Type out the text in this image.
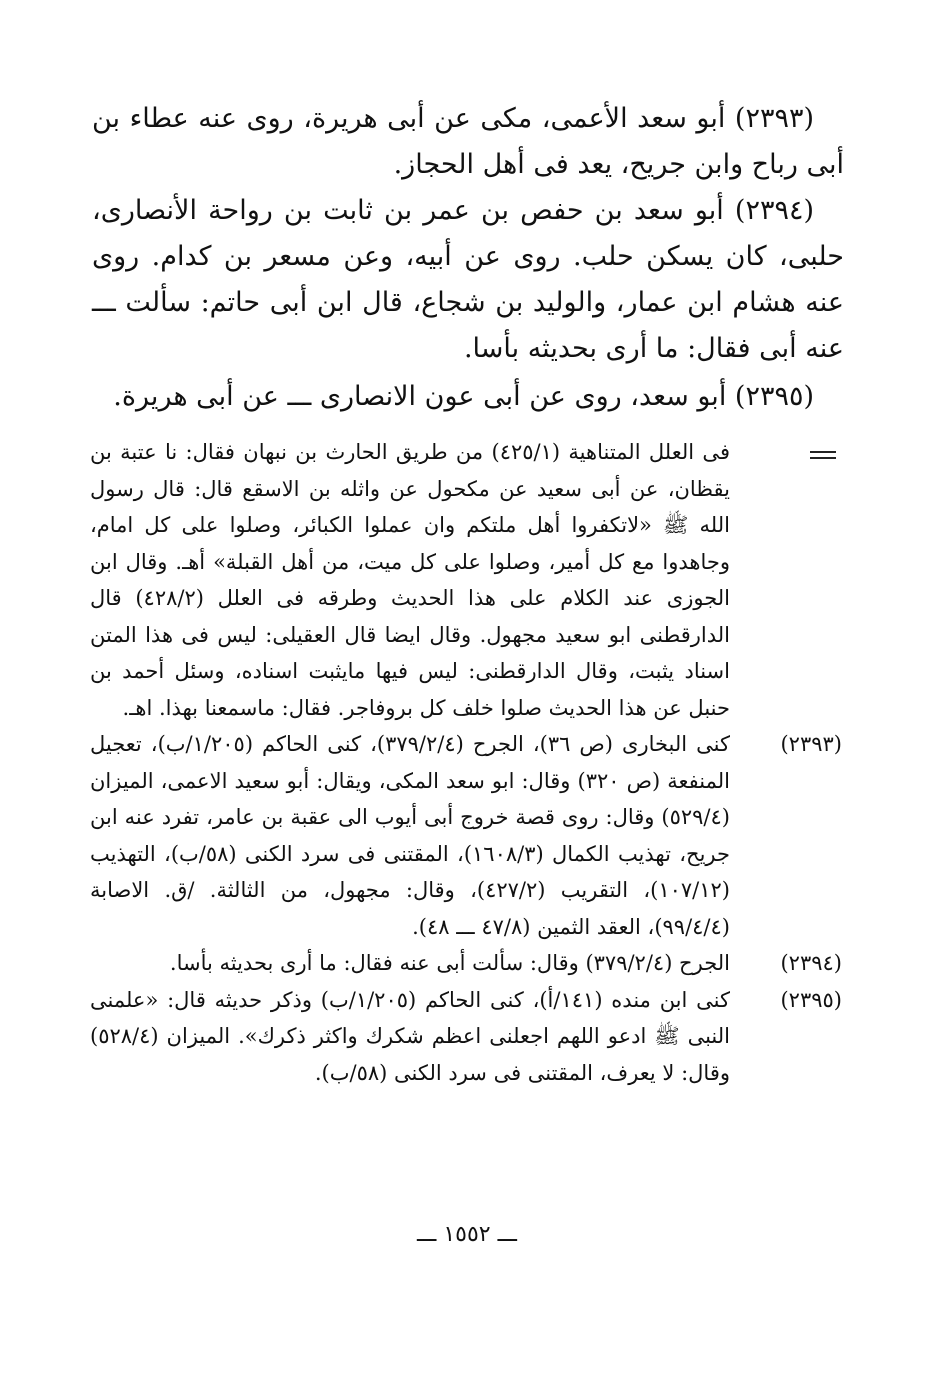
(٢٣٩٣) أبو سعد الأعمى، مكى عن أبى هريرة، روى عنه عطاء بن أبى رباح وابن جريح، يعد فى أهل الحجاز.

(٢٣٩٤) أبو سعد بن حفص بن عمر بن ثابت بن رواحة الأنصارى، حلبى، كان يسكن حلب. روى عن أبيه، وعن مسعر بن كدام. روى عنه هشام ابن عمار، والوليد بن شجاع، قال ابن أبى حاتم: سألت ـــ عنه أبى فقال: ما أرى بحديثه بأسا.

(٢٣٩٥) أبو سعد، روى عن أبى عون الانصارى ـــ عن أبى هريرة.

فى العلل المتناهية (٤٢٥/١) من طريق الحارث بن نبهان فقال: نا عتبة بن يقظان، عن أبى سعيد عن مكحول عن واثله بن الاسقع قال: قال رسول الله ﷺ «لاتكفروا أهل ملتكم وان عملوا الكبائر، وصلوا على كل امام، وجاهدوا مع كل أمير، وصلوا على كل ميت، من أهل القبلة» أهـ. وقال ابن الجوزى عند الكلام على هذا الحديث وطرقه فى العلل (٤٢٨/٢) قال الدارقطنى ابو سعيد مجهول. وقال ايضا قال العقيلى: ليس فى هذا المتن اسناد يثبت، وقال الدارقطنى: ليس فيها مايثبت اسناده، وسئل أحمد بن حنبل عن هذا الحديث صلوا خلف كل بروفاجر. فقال: ماسمعنا بهذا. اهـ.
(٢٣٩٣)
كنى البخارى (ص ٣٦)، الجرح (٣٧٩/٢/٤)، كنى الحاكم (١/٢٠٥/ب)، تعجيل المنفعة (ص ٣٢٠) وقال: ابو سعد المكى، ويقال: أبو سعيد الاعمى، الميزان (٥٢٩/٤) وقال: روى قصة خروج أبى أيوب الى عقبة بن عامر، تفرد عنه ابن جريح، تهذيب الكمال (١٦٠٨/٣)، المقتنى فى سرد الكنى (٥٨/ب)، التهذيب (١٠٧/١٢)، التقريب (٤٢٧/٢)، وقال: مجهول، من الثالثة. /ق. الاصابة (٩٩/٤/٤)، العقد الثمين (٤٧/٨ ـــ ٤٨).
(٢٣٩٤)
الجرح (٣٧٩/٢/٤) وقال: سألت أبى عنه فقال: ما أرى بحديثه بأسا.
(٢٣٩٥)
كنى ابن منده (١٤١/أ)، كنى الحاكم (١/٢٠٥/ب) وذكر حديثه قال: «علمنى النبى ﷺ ادعو اللهم اجعلنى اعظم شكرك واكثر ذكرك». الميزان (٥٢٨/٤) وقال: لا يعرف، المقتنى فى سرد الكنى (٥٨/ب).
ـــ ١٥٥٢ ـــ
